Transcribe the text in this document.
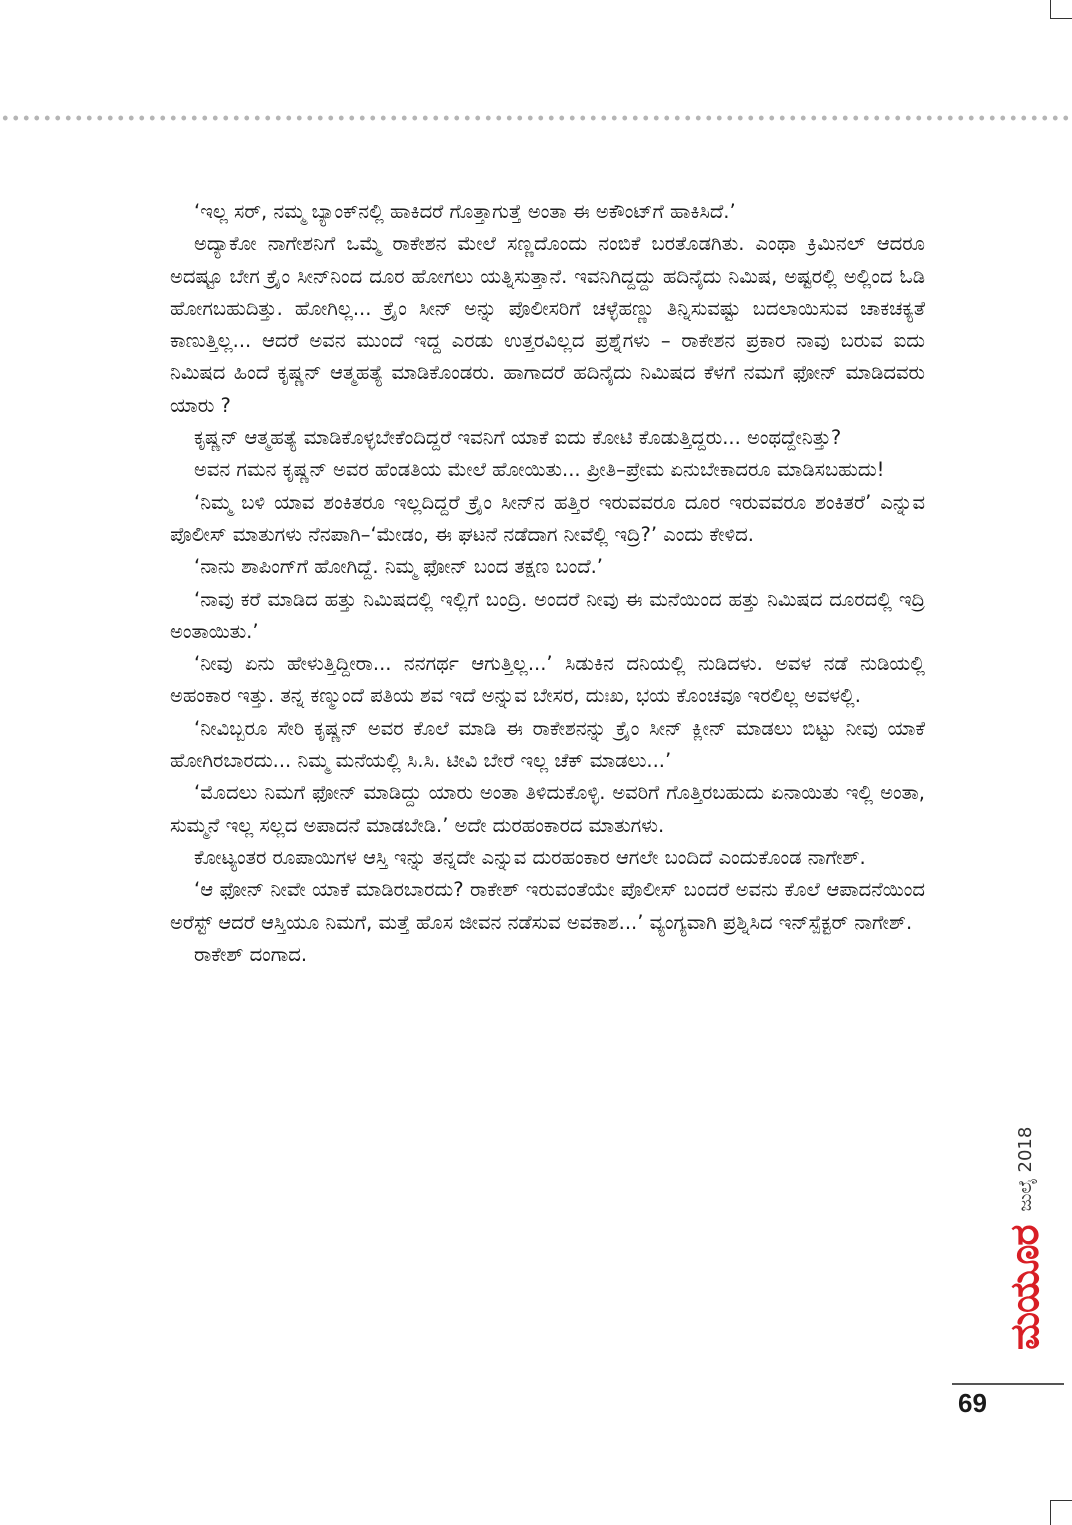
‘ಇಲ್ಲ ಸರ್, ನಮ್ಮ ಬ್ಯಾಂಕ್‌ನಲ್ಲಿ ಹಾಕಿದರೆ ಗೊತ್ತಾಗುತ್ತೆ ಅಂತಾ ಈ ಅಕೌಂಟ್‌ಗೆ ಹಾಕಿಸಿದೆ.’

ಅದ್ಯಾಕೋ ನಾಗೇಶನಿಗೆ ಒಮ್ಮೆ ರಾಕೇಶನ ಮೇಲೆ ಸಣ್ಣದೊಂದು ನಂಬಿಕೆ ಬರತೊಡಗಿತು. ಎಂಥಾ ಕ್ರಿಮಿನಲ್ ಆದರೂ ಅದಷ್ಟೂ ಬೇಗ ಕ್ರೈಂ ಸೀನ್‌ನಿಂದ ದೂರ ಹೋಗಲು ಯತ್ನಿಸುತ್ತಾನೆ. ಇವನಿಗಿದ್ದದ್ದು ಹದಿನೈದು ನಿಮಿಷ, ಅಷ್ಟರಲ್ಲಿ ಅಲ್ಲಿಂದ ಓಡಿ ಹೋಗಬಹುದಿತ್ತು. ಹೋಗಿಲ್ಲ... ಕ್ರೈಂ ಸೀನ್ ಅನ್ನು ಪೊಲೀಸರಿಗೆ ಚಳ್ಳೆಹಣ್ಣು ತಿನ್ನಿಸುವಷ್ಟು ಬದಲಾಯಿಸುವ ಚಾಕಚಕ್ಯತೆ ಕಾಣುತ್ತಿಲ್ಲ... ಆದರೆ ಅವನ ಮುಂದೆ ಇದ್ದ ಎರಡು ಉತ್ತರವಿಲ್ಲದ ಪ್ರಶ್ನೆಗಳು – ರಾಕೇಶನ ಪ್ರಕಾರ ನಾವು ಬರುವ ಐದು ನಿಮಿಷದ ಹಿಂದೆ ಕೃಷ್ಣನ್ ಆತ್ಮಹತ್ಯೆ ಮಾಡಿಕೊಂಡರು. ಹಾಗಾದರೆ ಹದಿನೈದು ನಿಮಿಷದ ಕೆಳಗೆ ನಮಗೆ ಫೋನ್ ಮಾಡಿದವರು ಯಾರು ?

ಕೃಷ್ಣನ್ ಆತ್ಮಹತ್ಯೆ ಮಾಡಿಕೊಳ್ಳಬೇಕೆಂದಿದ್ದರೆ ಇವನಿಗೆ ಯಾಕೆ ಐದು ಕೋಟಿ ಕೊಡುತ್ತಿದ್ದರು... ಅಂಥದ್ದೇನಿತ್ತು?

ಅವನ ಗಮನ ಕೃಷ್ಣನ್ ಅವರ ಹೆಂಡತಿಯ ಮೇಲೆ ಹೋಯಿತು... ಪ್ರೀತಿ–ಪ್ರೇಮ ಏನುಬೇಕಾದರೂ ಮಾಡಿಸಬಹುದು!

‘ನಿಮ್ಮ ಬಳಿ ಯಾವ ಶಂಕಿತರೂ ಇಲ್ಲದಿದ್ದರೆ ಕ್ರೈಂ ಸೀನ್‌ನ ಹತ್ತಿರ ಇರುವವರೂ ದೂರ ಇರುವವರೂ ಶಂಕಿತರೆ’ ಎನ್ನುವ ಪೊಲೀಸ್ ಮಾತುಗಳು ನೆನಪಾಗಿ–‘ಮೇಡಂ, ಈ ಘಟನೆ ನಡೆದಾಗ ನೀವೆಲ್ಲಿ ಇದ್ರಿ?’ ಎಂದು ಕೇಳಿದ.

‘ನಾನು ಶಾಪಿಂಗ್‌ಗೆ ಹೋಗಿದ್ದೆ. ನಿಮ್ಮ ಫೋನ್ ಬಂದ ತಕ್ಷಣ ಬಂದೆ.’

‘ನಾವು ಕರೆ ಮಾಡಿದ ಹತ್ತು ನಿಮಿಷದಲ್ಲಿ ಇಲ್ಲಿಗೆ ಬಂದ್ರಿ. ಅಂದರೆ ನೀವು ಈ ಮನೆಯಿಂದ ಹತ್ತು ನಿಮಿಷದ ದೂರದಲ್ಲಿ ಇದ್ರಿ ಅಂತಾಯಿತು.’

‘ನೀವು ಏನು ಹೇಳುತ್ತಿದ್ದೀರಾ... ನನಗರ್ಥ ಆಗುತ್ತಿಲ್ಲ...’ ಸಿಡುಕಿನ ದನಿಯಲ್ಲಿ ನುಡಿದಳು. ಅವಳ ನಡೆ ನುಡಿಯಲ್ಲಿ ಅಹಂಕಾರ ಇತ್ತು. ತನ್ನ ಕಣ್ಮುಂದೆ ಪತಿಯ ಶವ ಇದೆ ಅನ್ನುವ ಬೇಸರ, ದುಃಖ, ಭಯ ಕೊಂಚವೂ ಇರಲಿಲ್ಲ ಅವಳಲ್ಲಿ.

‘ನೀವಿಬ್ಬರೂ ಸೇರಿ ಕೃಷ್ಣನ್ ಅವರ ಕೊಲೆ ಮಾಡಿ ಈ ರಾಕೇಶನನ್ನು ಕ್ರೈಂ ಸೀನ್ ಕ್ಲೀನ್ ಮಾಡಲು ಬಿಟ್ಟು ನೀವು ಯಾಕೆ ಹೋಗಿರಬಾರದು... ನಿಮ್ಮ ಮನೆಯಲ್ಲಿ ಸಿ.ಸಿ. ಟೀವಿ ಬೇರೆ ಇಲ್ಲ ಚೆಕ್ ಮಾಡಲು...’

‘ಮೊದಲು ನಿಮಗೆ ಫೋನ್ ಮಾಡಿದ್ದು ಯಾರು ಅಂತಾ ತಿಳಿದುಕೊಳ್ಳಿ. ಅವರಿಗೆ ಗೊತ್ತಿರಬಹುದು ಏನಾಯಿತು ಇಲ್ಲಿ ಅಂತಾ, ಸುಮ್ಮನೆ ಇಲ್ಲ ಸಲ್ಲದ ಅಪಾದನೆ ಮಾಡಬೇಡಿ.’ ಅದೇ ದುರಹಂಕಾರದ ಮಾತುಗಳು.

ಕೋಟ್ಯಂತರ ರೂಪಾಯಿಗಳ ಆಸ್ತಿ ಇನ್ನು ತನ್ನದೇ ಎನ್ನುವ ದುರಹಂಕಾರ ಆಗಲೇ ಬಂದಿದೆ ಎಂದುಕೊಂಡ ನಾಗೇಶ್.

‘ಆ ಫೋನ್ ನೀವೇ ಯಾಕೆ ಮಾಡಿರಬಾರದು? ರಾಕೇಶ್ ಇರುವಂತೆಯೇ ಪೊಲೀಸ್ ಬಂದರೆ ಅವನು ಕೊಲೆ ಆಪಾದನೆಯಿಂದ ಅರೆಸ್ಟ್ ಆದರೆ ಆಸ್ತಿಯೂ ನಿಮಗೆ, ಮತ್ತೆ ಹೊಸ ಜೀವನ ನಡೆಸುವ ಅವಕಾಶ...’ ವ್ಯಂಗ್ಯವಾಗಿ ಪ್ರಶ್ನಿಸಿದ ಇನ್‌ಸ್ಪೆಕ್ಟರ್ ನಾಗೇಶ್.

ರಾಕೇಶ್ ದಂಗಾದ.

ಮಯೂರ
ಜುಲೈ 2018
69
